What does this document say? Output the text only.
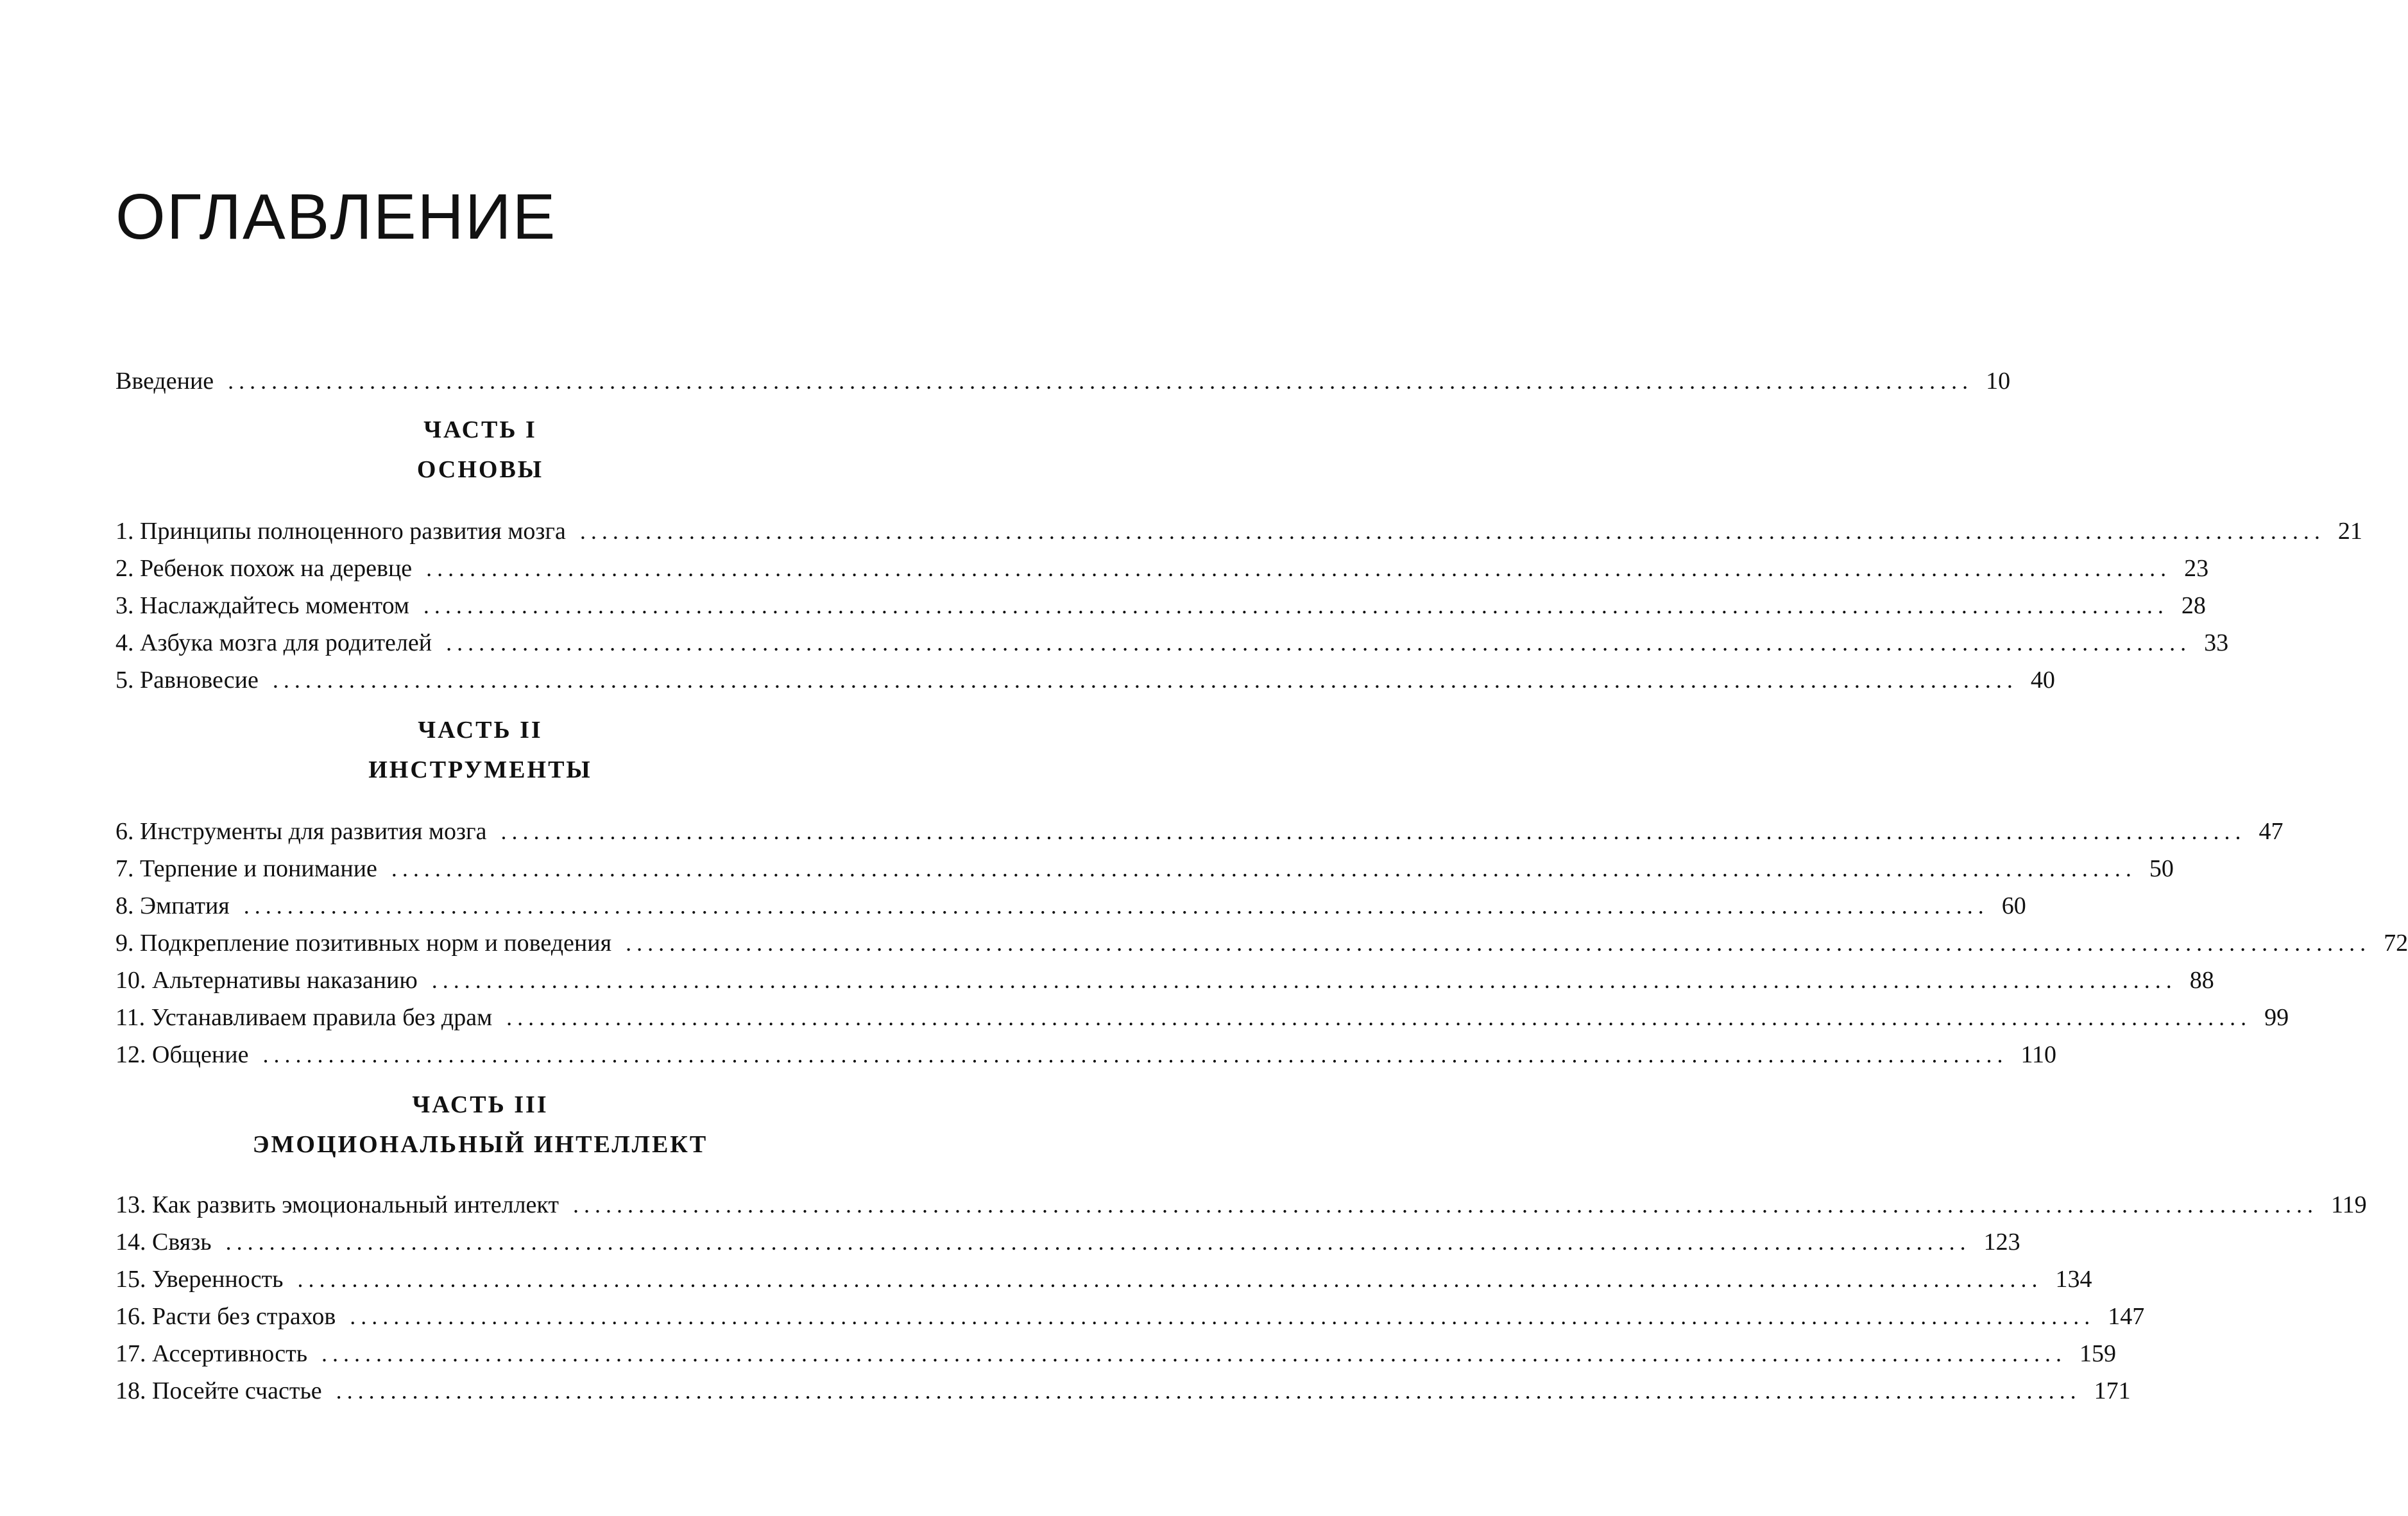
ОГЛАВЛЕНИЕ
Введение ................................................................................................................................................................ 10
ЧАСТЬ I
ОСНОВЫ
1. Принципы полноценного развития мозга ................................................................................................................................................................ 21
2. Ребенок похож на деревце ................................................................................................................................................................ 23
3. Наслаждайтесь моментом ................................................................................................................................................................ 28
4. Азбука мозга для родителей ................................................................................................................................................................ 33
5. Равновесие ................................................................................................................................................................ 40
ЧАСТЬ II
ИНСТРУМЕНТЫ
6. Инструменты для развития мозга ................................................................................................................................................................ 47
7. Терпение и понимание ................................................................................................................................................................ 50
8. Эмпатия ................................................................................................................................................................ 60
9. Подкрепление позитивных норм и поведения ................................................................................................................................................................ 72
10. Альтернативы наказанию ................................................................................................................................................................ 88
11. Устанавливаем правила без драм ................................................................................................................................................................ 99
12. Общение ................................................................................................................................................................ 110
ЧАСТЬ III
ЭМОЦИОНАЛЬНЫЙ ИНТЕЛЛЕКТ
13. Как развить эмоциональный интеллект ................................................................................................................................................................ 119
14. Связь ................................................................................................................................................................ 123
15. Уверенность ................................................................................................................................................................ 134
16. Расти без страхов ................................................................................................................................................................ 147
17. Ассертивность ................................................................................................................................................................ 159
18. Посейте счастье ................................................................................................................................................................ 171
